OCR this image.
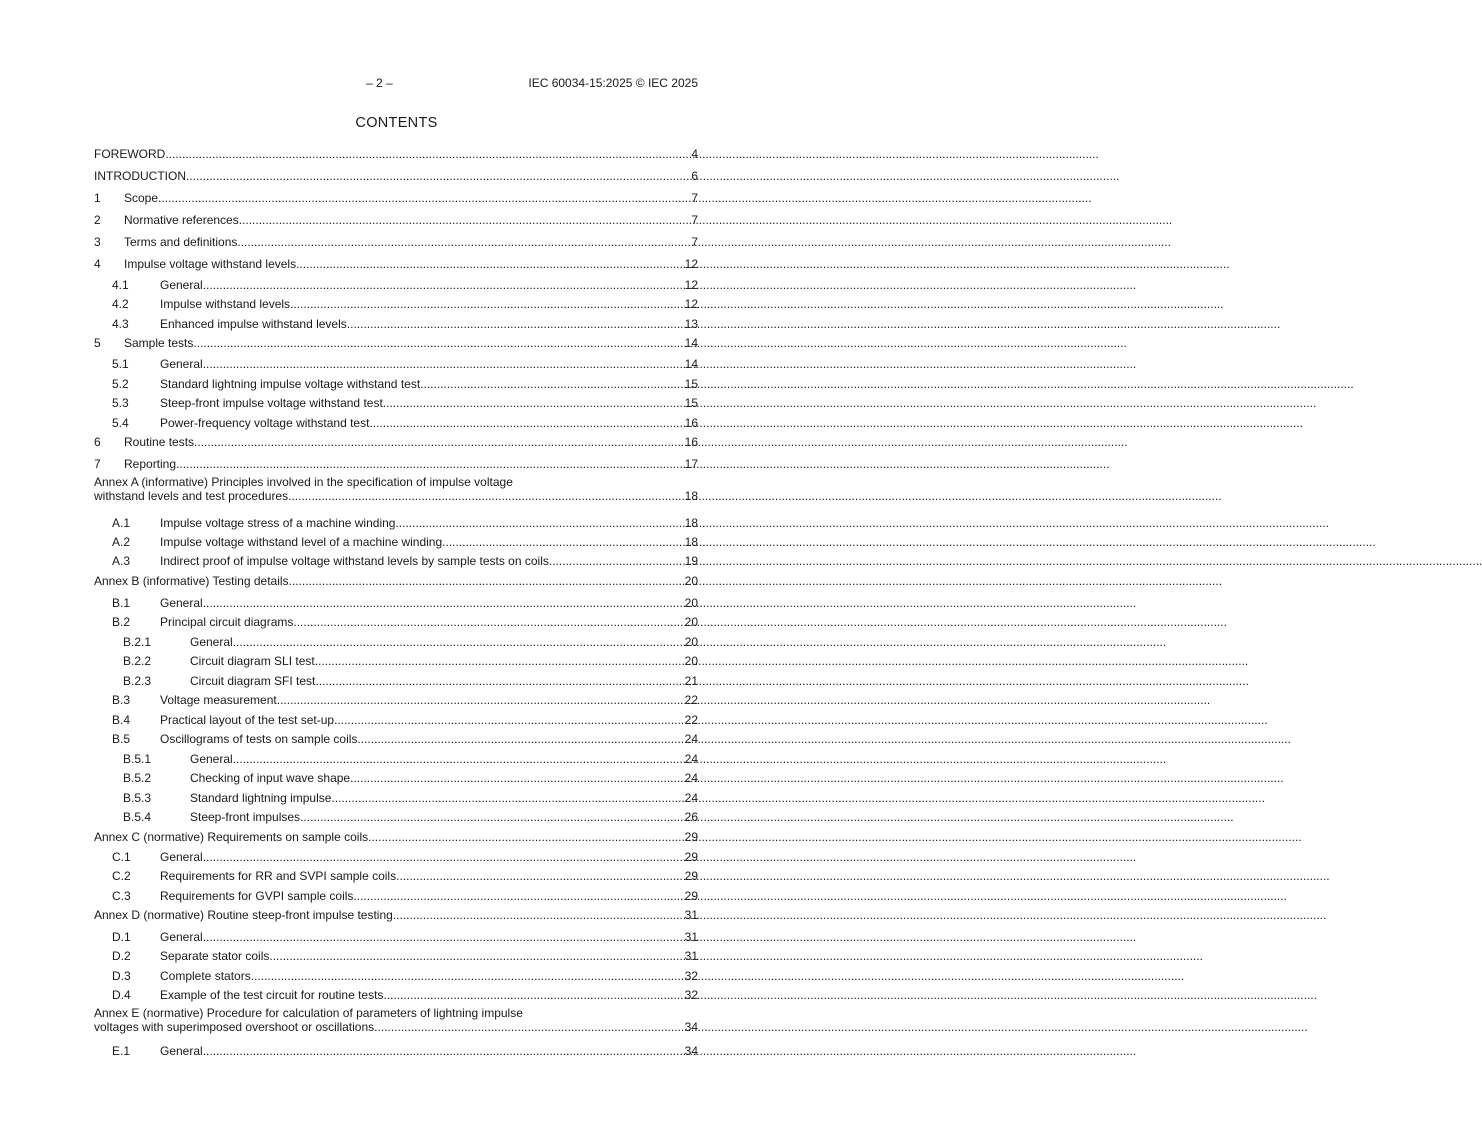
– 2 –	IEC 60034-15:2025 © IEC 2025
CONTENTS
FOREWORD .....	4
INTRODUCTION .....	6
1	Scope .....	7
2	Normative references .....	7
3	Terms and definitions .....	7
4	Impulse voltage withstand levels .....	12
4.1	General .....	12
4.2	Impulse withstand levels .....	12
4.3	Enhanced impulse withstand levels .....	13
5	Sample tests .....	14
5.1	General .....	14
5.2	Standard lightning impulse voltage withstand test .....	15
5.3	Steep-front impulse voltage withstand test .....	15
5.4	Power-frequency voltage withstand test .....	16
6	Routine tests .....	16
7	Reporting .....	17
Annex A (informative) Principles involved in the specification of impulse voltage
withstand levels and test procedures .....	18
A.1	Impulse voltage stress of a machine winding .....	18
A.2	Impulse voltage withstand level of a machine winding .....	18
A.3	Indirect proof of impulse voltage withstand levels by sample tests on coils .....	19
Annex B (informative) Testing details .....	20
B.1	General .....	20
B.2	Principal circuit diagrams .....	20
B.2.1	General .....	20
B.2.2	Circuit diagram SLI test .....	20
B.2.3	Circuit diagram SFI test .....	21
B.3	Voltage measurement .....	22
B.4	Practical layout of the test set-up .....	22
B.5	Oscillograms of tests on sample coils .....	24
B.5.1	General .....	24
B.5.2	Checking of input wave shape .....	24
B.5.3	Standard lightning impulse .....	24
B.5.4	Steep-front impulses .....	26
Annex C (normative) Requirements on sample coils .....	29
C.1	General .....	29
C.2	Requirements for RR and SVPI sample coils .....	29
C.3	Requirements for GVPI sample coils .....	29
Annex D (normative) Routine steep-front impulse testing .....	31
D.1	General .....	31
D.2	Separate stator coils .....	31
D.3	Complete stators .....	32
D.4	Example of the test circuit for routine tests .....	32
Annex E (normative) Procedure for calculation of parameters of lightning impulse
voltages with superimposed overshoot or oscillations .....	34
E.1	General .....	34
